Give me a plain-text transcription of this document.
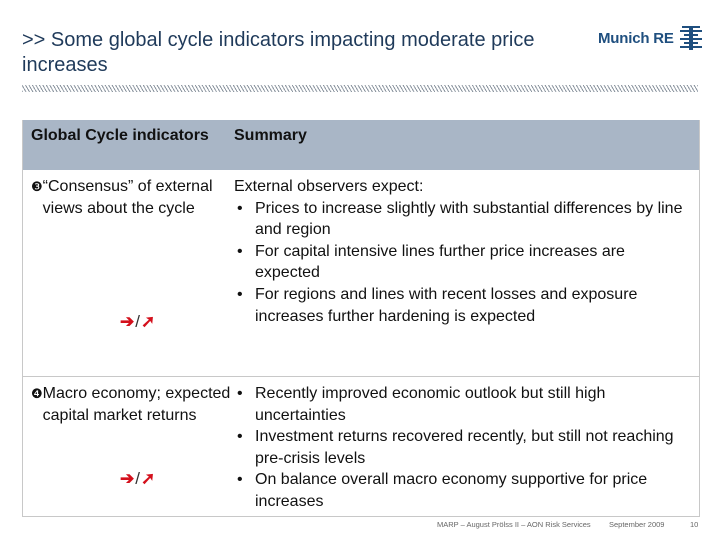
>> Some global cycle indicators impacting moderate price increases
Munich RE
Global Cycle indicators	Summary
❸ “Consensus” of external views about the cycle
➔/➚
External observers expect:
• Prices to increase slightly with substantial differences by line and region
• For capital intensive lines further price increases are expected
• For regions and lines with recent losses and exposure increases further hardening is expected
❹ Macro economy; expected capital market returns
➔/➚
• Recently improved economic outlook but still high uncertainties
• Investment returns recovered recently, but still not reaching pre-crisis levels
• On balance overall macro economy supportive for price increases
MARP – August Prölss II – AON Risk Services September 2009	10
